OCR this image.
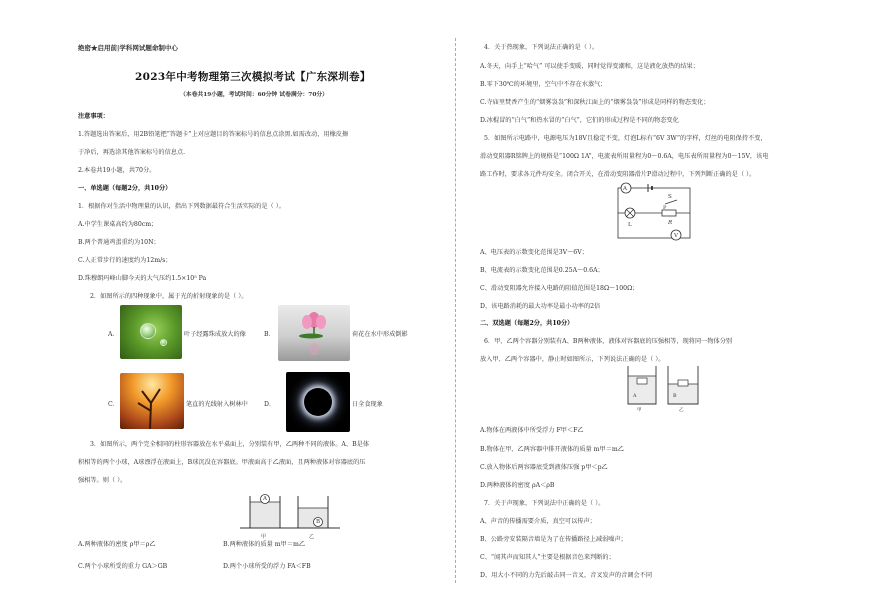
绝密★启用前|学科网试题命制中心
2023年中考物理第三次模拟考试【广东深圳卷】
（本卷共19小题，考试时间：60分钟 试卷满分：70分）
注意事项：
1.答题选出答案后，用2B铅笔把“答题卡”上对应题目的答案标号的信息点涂黑.如需改动，用橡皮擦
于净后，再选涂其他答案标号的信息点.
2.本卷共19小题，共70分。
一、单选题（每题2分，共10分）
1．根据你对生活中物理量的认识，指出下列数据最符合生活实际的是（ ）。
A.中学生课桌高约为80cm；
B.两个普通鸡蛋重约为10N；
C.人正常步行的速度约为12m/s；
D.珠穆朗玛峰山脚今天的大气压约1.5×10⁵ Pa
2．如图所示的四种现象中，属于光的折射现象的是（ ）。
A．	叶子经露珠成放大的像	B．	荷花在水中形成倒影
C．	笔直的光线射入树林中	D．	日全食现象
3．如图所示，两个完全相同的柱形容器放在水平桌面上，分别装有甲，乙两种不同的液体。A、B是体
积相等的两个小球，A球漂浮在液面上，B球沉没在容器底。甲液面高于乙液面，且两种液体对容器底的压
强相等。则（ ）。
A
B
甲	乙
A.两种液体的密度 ρ甲＝ρ乙	B.两种液体的质量 m甲＝m乙
C.两个小球所受的重力 GA＞GB	D.两个小球所受的浮力 FA＜FB
4．关于热现象，下列说法正确的是（ ）。
A.冬天，向手上“哈气” 可以使手变暖，同时觉得变潮和，这是液化放热的结果；
B.零下30℃的环境里，空气中不存在水蒸气；
C.寺庙里焚香产生的“烟雾袅袅”和深秋江面上的“烟雾袅袅”形成是同样的物态变化；
D.冰棍冒的“白气”和热水冒的“白气”，它们的形成过程是不同的物态变化
5．如图所示电路中，电源电压为18V且稳定不变，灯泡L标有“6V 3W”的字样，灯丝的电阻保持不变，
滑动变阻器R铭牌上的规格是“100Ω 1A”，电流表所用量程为0～0.6A，电压表所用量程为0～15V，该电
路工作时，要求各元件均安全。闭合开关，在滑动变阻器滑片P滑动过程中，下列判断正确的是（ ）。
A
S
L
P
R
V
A、电压表的示数变化范围是3V～6V；
B、电流表的示数变化范围是0.25A～0.6A；
C、滑动变阻器允许接入电路的阻值范围是18Ω～100Ω；
D、该电路消耗的最大功率是最小功率的2倍
二、双选题（每题2分，共10分）
6．甲、乙两个容器分别装有A、B两种液体，液体对容器底的压强相等，现将同一物体分别
放入甲、乙两个容器中，静止时如图所示，下列说法正确的是（ ）。
A	B
甲	乙
A.物体在两液体中所受浮力 F甲＜F乙
B.物体在甲、乙两容器中排开液体的质量 m甲＝m乙
C.放入物体后两容器底受到液体压强 p甲＜p乙
D.两种液体的密度 ρA＜ρB
7．关于声现象，下列说法中正确的是（ ）。
A、声音的传播需要介质，真空可以传声；
B、公路旁安装隔音墙是为了在传播路径上减弱噪声；
C、“闻其声而知其人”主要是根据音色来判断的；
D、用大小不同的力先后敲击同一音叉，音叉发声的音调会不同
